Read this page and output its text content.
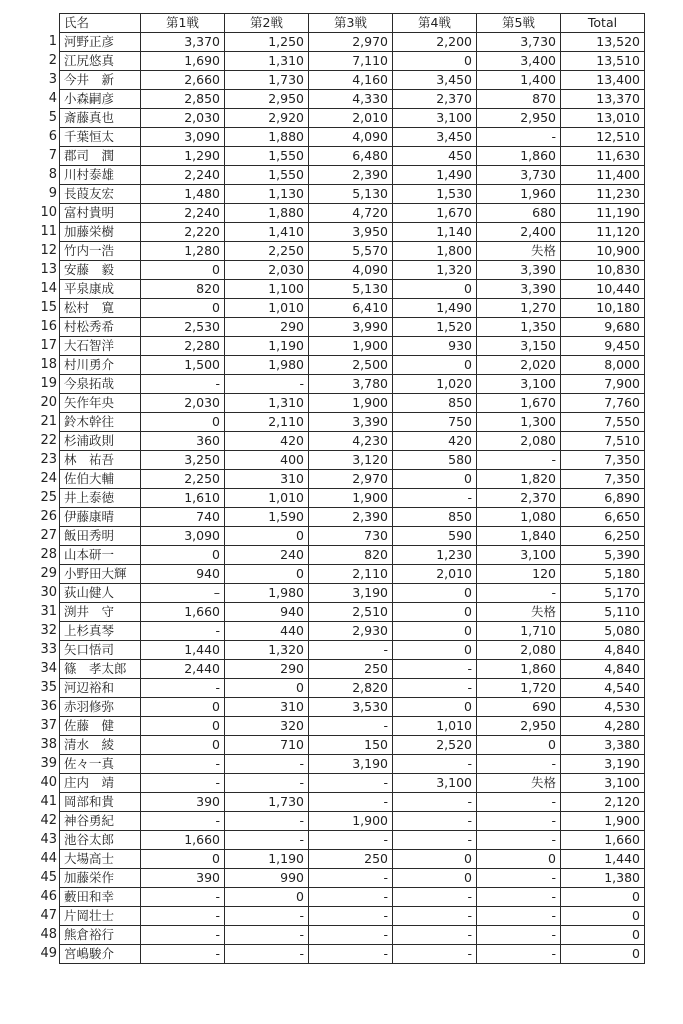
	氏名	第1戦	第2戦	第3戦	第4戦	第5戦	Total
1	河野正彦	3,370	1,250	2,970	2,200	3,730	13,520
2	江尻悠真	1,690	1,310	7,110	0	3,400	13,510
3	今井　新	2,660	1,730	4,160	3,450	1,400	13,400
4	小森嗣彦	2,850	2,950	4,330	2,370	870	13,370
5	斎藤真也	2,030	2,920	2,010	3,100	2,950	13,010
6	千葉恒太	3,090	1,880	4,090	3,450	-	12,510
7	郡司　潤	1,290	1,550	6,480	450	1,860	11,630
8	川村泰雄	2,240	1,550	2,390	1,490	3,730	11,400
9	長葭友宏	1,480	1,130	5,130	1,530	1,960	11,230
10	富村貴明	2,240	1,880	4,720	1,670	680	11,190
11	加藤栄樹	2,220	1,410	3,950	1,140	2,400	11,120
12	竹内一浩	1,280	2,250	5,570	1,800	失格	10,900
13	安藤　毅	0	2,030	4,090	1,320	3,390	10,830
14	平泉康成	820	1,100	5,130	0	3,390	10,440
15	松村　寛	0	1,010	6,410	1,490	1,270	10,180
16	村松秀希	2,530	290	3,990	1,520	1,350	9,680
17	大石智洋	2,280	1,190	1,900	930	3,150	9,450
18	村川勇介	1,500	1,980	2,500	0	2,020	8,000
19	今泉拓哉	-	-	3,780	1,020	3,100	7,900
20	矢作年央	2,030	1,310	1,900	850	1,670	7,760
21	鈴木幹往	0	2,110	3,390	750	1,300	7,550
22	杉浦政則	360	420	4,230	420	2,080	7,510
23	林　祐吾	3,250	400	3,120	580	-	7,350
24	佐伯大輔	2,250	310	2,970	0	1,820	7,350
25	井上泰徳	1,610	1,010	1,900	-	2,370	6,890
26	伊藤康晴	740	1,590	2,390	850	1,080	6,650
27	飯田秀明	3,090	0	730	590	1,840	6,250
28	山本研一	0	240	820	1,230	3,100	5,390
29	小野田大輝	940	0	2,110	2,010	120	5,180
30	荻山健人	–	1,980	3,190	0	-	5,170
31	渕井　守	1,660	940	2,510	0	失格	5,110
32	上杉真琴	-	440	2,930	0	1,710	5,080
33	矢口悟司	1,440	1,320	-	0	2,080	4,840
34	篠　孝太郎	2,440	290	250	-	1,860	4,840
35	河辺裕和	-	0	2,820	-	1,720	4,540
36	赤羽修弥	0	310	3,530	0	690	4,530
37	佐藤　健	0	320	-	1,010	2,950	4,280
38	清水　綾	0	710	150	2,520	0	3,380
39	佐々一真	-	-	3,190	-	-	3,190
40	庄内　靖	-	-	-	3,100	失格	3,100
41	岡部和貴	390	1,730	-	-	-	2,120
42	神谷勇紀	-	-	1,900	-	-	1,900
43	池谷太郎	1,660	-	-	-	-	1,660
44	大場高士	0	1,190	250	0	0	1,440
45	加藤栄作	390	990	-	0	-	1,380
46	藪田和幸	-	0	-	-	-	0
47	片岡壮士	-	-	-	-	-	0
48	熊倉裕行	-	-	-	-	-	0
49	宮嶋駿介	-	-	-	-	-	0
